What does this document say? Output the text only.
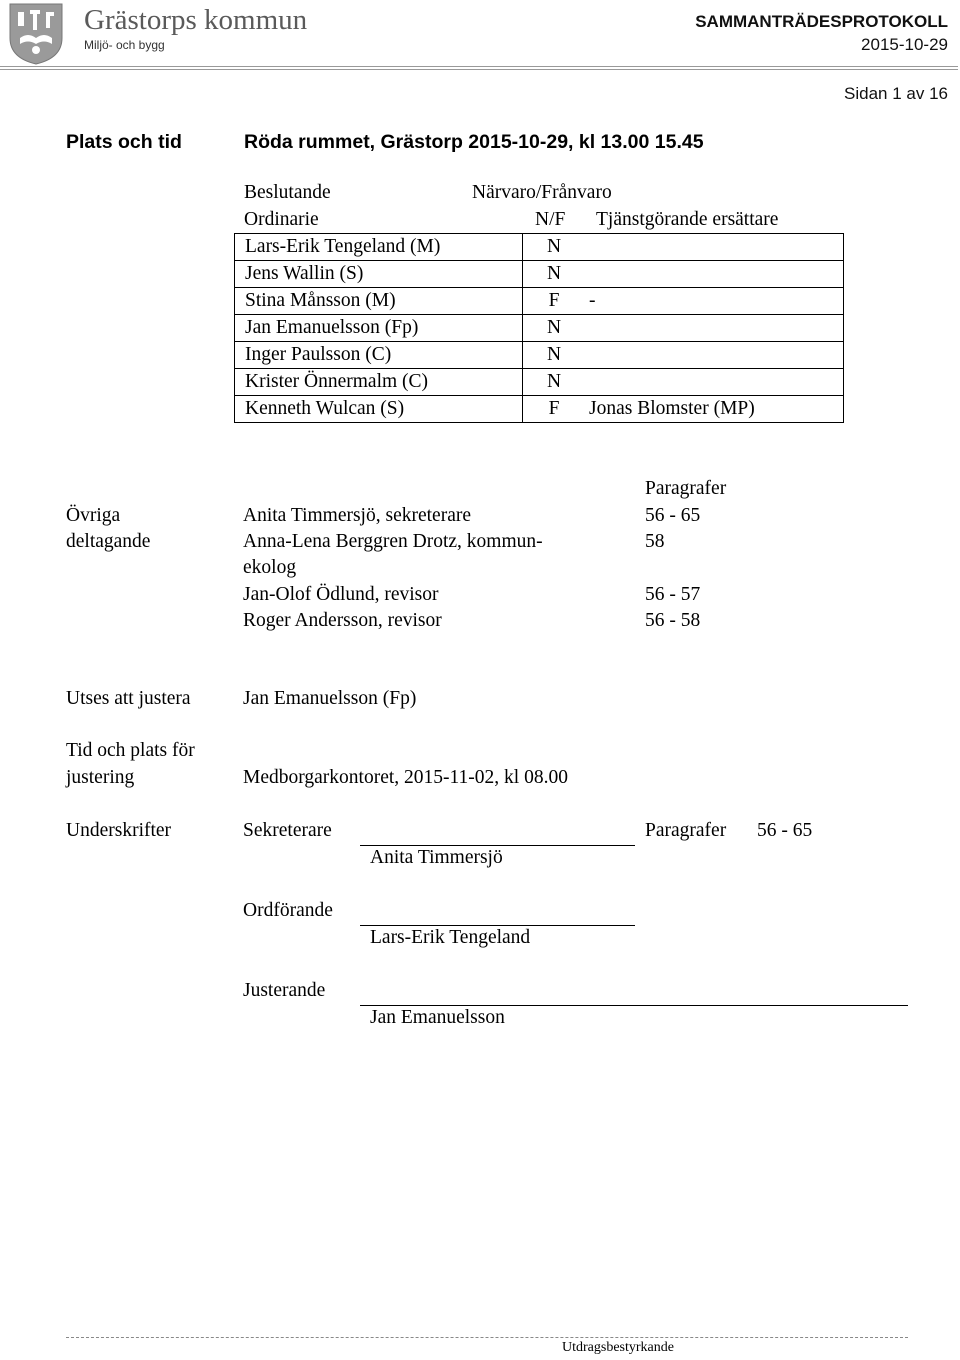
Grästorps kommun
Miljö- och bygg
SAMMANTRÄDESPROTOKOLL
2015-10-29
Sidan 1 av 16
Plats och tid	Röda rummet, Grästorp 2015-10-29, kl 13.00 15.45
Beslutande	Närvaro/Frånvaro
Ordinarie	N/F Tjänstgörande ersättare
Lars-Erik Tengeland (M)	N	
Jens Wallin (S)	N	
Stina Månsson (M)	F	-
Jan Emanuelsson (Fp)	N	
Inger Paulsson (C)	N	
Krister Önnermalm (C)	N	
Kenneth Wulcan (S)	F	Jonas Blomster (MP)
Paragrafer
Övriga
deltagande
Anita Timmersjö, sekreterare	56 - 65
Anna-Lena Berggren Drotz, kommun-
ekolog
58
Jan-Olof Ödlund, revisor	56 - 57
Roger Andersson, revisor	56 - 58
Utses att justera	Jan Emanuelsson (Fp)
Tid och plats för
justering	Medborgarkontoret, 2015-11-02, kl 08.00
Underskrifter	Sekreterare	Paragrafer 56 - 65
Anita Timmersjö
Ordförande
Lars-Erik Tengeland
Justerande
Jan Emanuelsson
Utdragsbestyrkande
